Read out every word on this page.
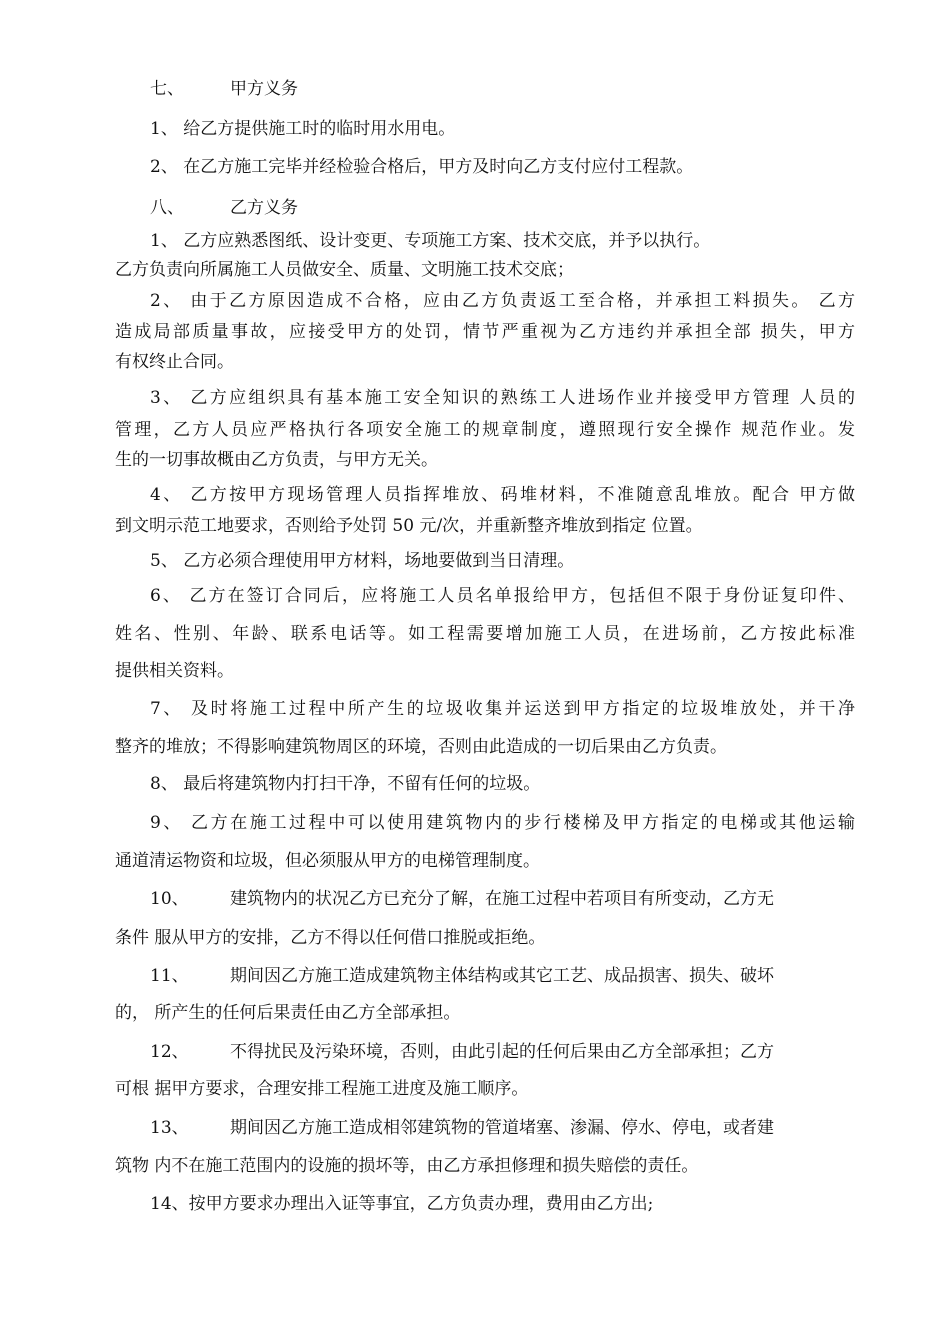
七、	甲方义务
1、 给乙方提供施工时的临时用水用电。
2、 在乙方施工完毕并经检验合格后，甲方及时向乙方支付应付工程款。
八、	乙方义务
1、 乙方应熟悉图纸、设计变更、专项施工方案、技术交底，并予以执行。
乙方负责向所属施工人员做安全、质量、文明施工技术交底；
2、 由于乙方原因造成不合格，应由乙方负责返工至合格，并承担工料损失。 乙方
造成局部质量事故，应接受甲方的处罚，情节严重视为乙方违约并承担全部 损失，甲方
有权终止合同。
3、 乙方应组织具有基本施工安全知识的熟练工人进场作业并接受甲方管理 人员的
管理，乙方人员应严格执行各项安全施工的规章制度，遵照现行安全操作 规范作业。发
生的一切事故概由乙方负责，与甲方无关。
4、 乙方按甲方现场管理人员指挥堆放、码堆材料，不准随意乱堆放。配合 甲方做
到文明示范工地要求，否则给予处罚 50 元/次，并重新整齐堆放到指定 位置。
5、 乙方必须合理使用甲方材料，场地要做到当日清理。
6、 乙方在签订合同后，应将施工人员名单报给甲方，包括但不限于身份证复印件、
姓名、性别、年龄、联系电话等。如工程需要增加施工人员，在进场前，乙方按此标准
提供相关资料。
7、 及时将施工过程中所产生的垃圾收集并运送到甲方指定的垃圾堆放处，并干净
整齐的堆放；不得影响建筑物周区的环境，否则由此造成的一切后果由乙方负责。
8、 最后将建筑物内打扫干净，不留有任何的垃圾。
9、 乙方在施工过程中可以使用建筑物内的步行楼梯及甲方指定的电梯或其他运输
通道清运物资和垃圾，但必须服从甲方的电梯管理制度。
10、 建筑物内的状况乙方已充分了解，在施工过程中若项目有所变动，乙方无
条件 服从甲方的安排，乙方不得以任何借口推脱或拒绝。
11、 期间因乙方施工造成建筑物主体结构或其它工艺、成品损害、损失、破坏
的， 所产生的任何后果责任由乙方全部承担。
12、 不得扰民及污染环境，否则，由此引起的任何后果由乙方全部承担；乙方
可根 据甲方要求，合理安排工程施工进度及施工顺序。
13、 期间因乙方施工造成相邻建筑物的管道堵塞、渗漏、停水、停电，或者建
筑物 内不在施工范围内的设施的损坏等，由乙方承担修理和损失赔偿的责任。
14、按甲方要求办理出入证等事宜，乙方负责办理，费用由乙方出;
